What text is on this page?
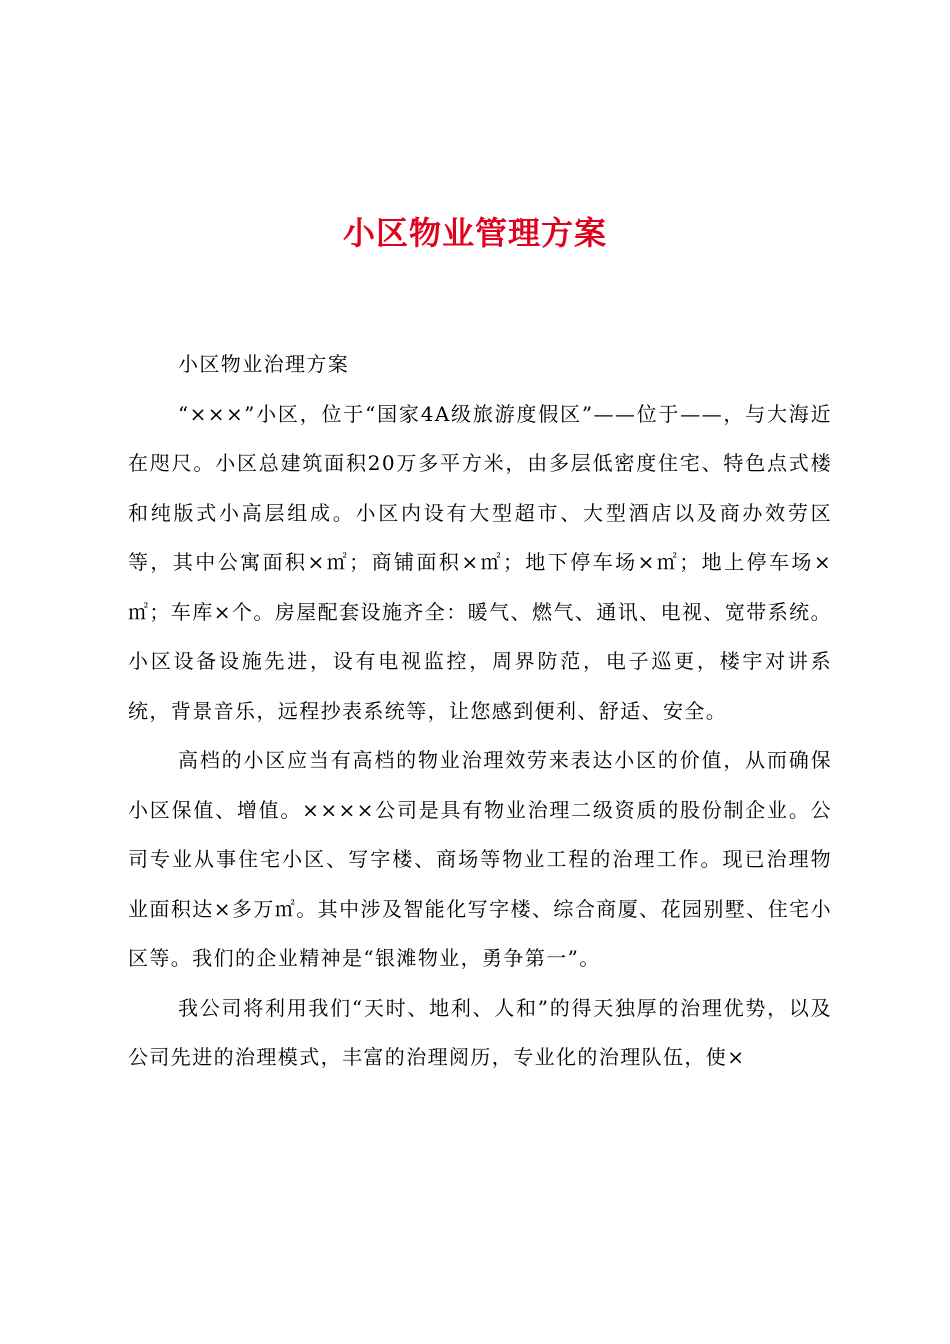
小区物业管理方案

小区物业治理方案

“×××”小区，位于“国家4A级旅游度假区”——位于——，与大海近在咫尺。小区总建筑面积20万多平方米，由多层低密度住宅、特色点式楼和纯版式小高层组成。小区内设有大型超市、大型酒店以及商办效劳区等，其中公寓面积×㎡；商铺面积×㎡；地下停车场×㎡；地上停车场×㎡；车库×个。房屋配套设施齐全：暖气、燃气、通讯、电视、宽带系统。小区设备设施先进，设有电视监控，周界防范，电子巡更，楼宇对讲系统，背景音乐，远程抄表系统等，让您感到便利、舒适、安全。

高档的小区应当有高档的物业治理效劳来表达小区的价值，从而确保小区保值、增值。××××公司是具有物业治理二级资质的股份制企业。公司专业从事住宅小区、写字楼、商场等物业工程的治理工作。现已治理物业面积达×多万㎡。其中涉及智能化写字楼、综合商厦、花园别墅、住宅小区等。我们的企业精神是“银滩物业，勇争第一”。

我公司将利用我们“天时、地利、人和”的得天独厚的治理优势，以及公司先进的治理模式，丰富的治理阅历，专业化的治理队伍，使×
